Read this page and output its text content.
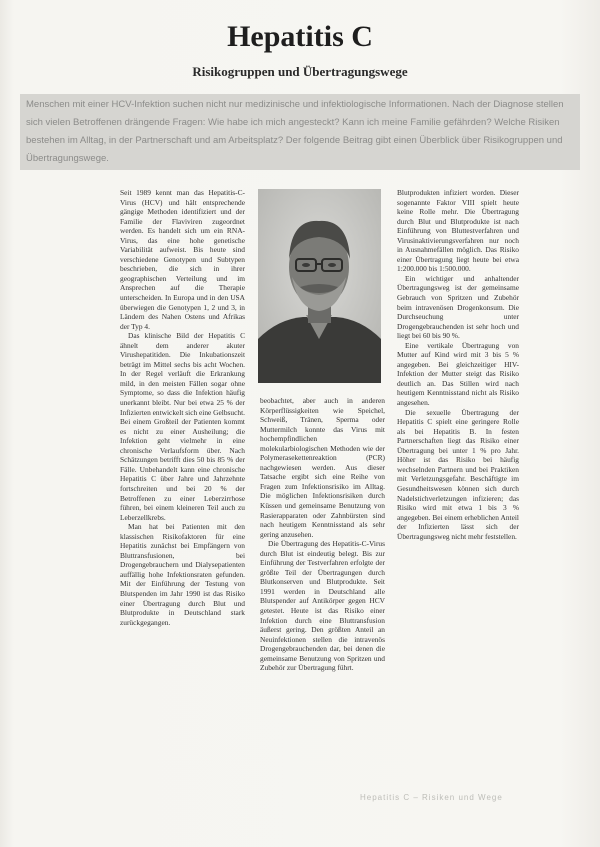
Hepatitis C
Risikogruppen und Übertragungswege
Menschen mit einer HCV-Infektion suchen nicht nur medizinische und infektiologische Informationen. Nach der Diagnose stellen sich vielen Betroffenen drängende Fragen: Wie habe ich mich angesteckt? Kann ich meine Familie gefährden? Welche Risiken bestehen im Alltag, in der Partnerschaft und am Arbeitsplatz? Der folgende Beitrag gibt einen Überblick über Risikogruppen und Übertragungswege.

Seit 1989 kennt man das Hepatitis-C-Virus (HCV) und hält entsprechende gängige Methoden identifiziert und der Familie der Flaviviren zugeordnet werden. Es handelt sich um ein RNA-Virus, das eine hohe genetische Variabilität aufweist. Bis heute sind verschiedene Genotypen und Subtypen beschrieben, die sich in ihrer geographischen Verteilung und im Ansprechen auf die Therapie unterscheiden. In Europa und in den USA überwiegen die Genotypen 1, 2 und 3, in Ländern des Nahen Ostens und Afrikas der Typ 4.

Das klinische Bild der Hepatitis C ähnelt dem anderer akuter Virushepatitiden. Die Inkubationszeit beträgt im Mittel sechs bis acht Wochen. In der Regel verläuft die Erkrankung mild, in den meisten Fällen sogar ohne Symptome, so dass die Infektion häufig unerkannt bleibt. Nur bei etwa 25 % der Infizierten entwickelt sich eine Gelbsucht. Bei einem Großteil der Patienten kommt es nicht zu einer Ausheilung; die Infektion geht vielmehr in eine chronische Verlaufsform über. Nach Schätzungen betrifft dies 50 bis 85 % der Fälle. Unbehandelt kann eine chronische Hepatitis C über Jahre und Jahrzehnte fortschreiten und bei 20 % der Betroffenen zu einer Leberzirrhose führen, bei einem kleineren Teil auch zu Leberzellkrebs.

Man hat bei Patienten mit den klassischen Risikofaktoren für eine Hepatitis zunächst bei Empfängern von Bluttransfusionen, bei Drogengebrauchern und Dialysepatienten auffällig hohe Infektionsraten gefunden. Mit der Einführung der Testung von Blutspenden im Jahr 1990 ist das Risiko einer Übertragung durch Blut und Blutprodukte in Deutschland stark zurückgegangen.

beobachtet, aber auch in anderen Körperflüssigkeiten wie Speichel, Schweiß, Tränen, Sperma oder Muttermilch konnte das Virus mit hochempfindlichen molekularbiologischen Methoden wie der Polymerasekettenreaktion (PCR) nachgewiesen werden. Aus dieser Tatsache ergibt sich eine Reihe von Fragen zum Infektionsrisiko im Alltag. Die möglichen Infektionsrisiken durch Küssen und gemeinsame Benutzung von Rasierapparaten oder Zahnbürsten sind nach heutigem Kenntnisstand als sehr gering anzusehen.

Die Übertragung des Hepatitis-C-Virus durch Blut ist eindeutig belegt. Bis zur Einführung der Testverfahren erfolgte der größte Teil der Übertragungen durch Blutkonserven und Blutprodukte. Seit 1991 werden in Deutschland alle Blutspender auf Antikörper gegen HCV getestet. Heute ist das Risiko einer Infektion durch eine Bluttransfusion äußerst gering. Den größten Anteil an Neuinfektionen stellen die intravenös Drogengebrauchenden dar, bei denen die gemeinsame Benutzung von Spritzen und Zubehör zur Übertragung führt.

Blutprodukten infiziert worden. Dieser sogenannte Faktor VIII spielt heute keine Rolle mehr. Die Übertragung durch Blut und Blutprodukte ist nach Einführung von Bluttestverfahren und Virusinaktivierungsverfahren nur noch in Ausnahmefällen möglich. Das Risiko einer Übertragung liegt heute bei etwa 1:200.000 bis 1:500.000.

Ein wichtiger und anhaltender Übertragungsweg ist der gemeinsame Gebrauch von Spritzen und Zubehör beim intravenösen Drogenkonsum. Die Durchseuchung unter Drogengebrauchenden ist sehr hoch und liegt bei 60 bis 90 %.

Eine vertikale Übertragung von Mutter auf Kind wird mit 3 bis 5 % angegeben. Bei gleichzeitiger HIV-Infektion der Mutter steigt das Risiko deutlich an. Das Stillen wird nach heutigem Kenntnisstand nicht als Risiko angesehen.

Die sexuelle Übertragung der Hepatitis C spielt eine geringere Rolle als bei Hepatitis B. In festen Partnerschaften liegt das Risiko einer Übertragung bei unter 1 % pro Jahr. Höher ist das Risiko bei häufig wechselnden Partnern und bei Praktiken mit Verletzungsgefahr. Beschäftigte im Gesundheitswesen können sich durch Nadelstichverletzungen infizieren; das Risiko wird mit etwa 1 bis 3 % angegeben. Bei einem erheblichen Anteil der Infizierten lässt sich der Übertragungsweg nicht mehr feststellen.

Hepatitis C – Risiken und Wege
